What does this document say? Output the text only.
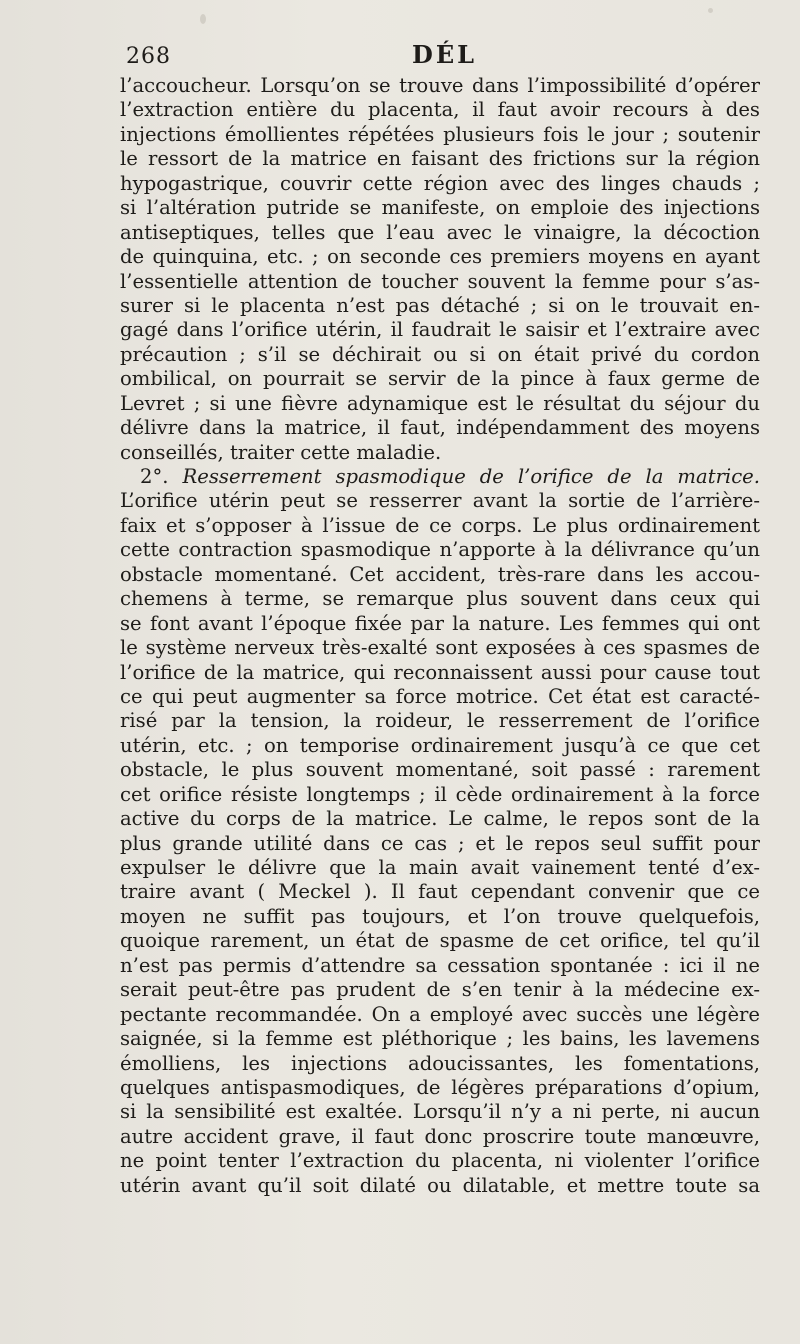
268	DÉL
l’accoucheur. Lorsqu’on se trouve dans l’impossibilité d’opérer
l’extraction entière du placenta, il faut avoir recours à des
injections émollientes répétées plusieurs fois le jour ; soutenir
le ressort de la matrice en faisant des frictions sur la région
hypogastrique, couvrir cette région avec des linges chauds ;
si l’altération putride se manifeste, on emploie des injections
antiseptiques, telles que l’eau avec le vinaigre, la décoction
de quinquina, etc. ; on seconde ces premiers moyens en ayant
l’essentielle attention de toucher souvent la femme pour s’as-
surer si le placenta n’est pas détaché ; si on le trouvait en-
gagé dans l’orifice utérin, il faudrait le saisir et l’extraire avec
précaution ; s’il se déchirait ou si on était privé du cordon
ombilical, on pourrait se servir de la pince à faux germe de
Levret ; si une fièvre adynamique est le résultat du séjour du
délivre dans la matrice, il faut, indépendamment des moyens
conseillés, traiter cette maladie.
2°. Resserrement spasmodique de l’orifice de la matrice.
L’orifice utérin peut se resserrer avant la sortie de l’arrière-
faix et s’opposer à l’issue de ce corps. Le plus ordinairement
cette contraction spasmodique n’apporte à la délivrance qu’un
obstacle momentané. Cet accident, très-rare dans les accou-
chemens à terme, se remarque plus souvent dans ceux qui
se font avant l’époque fixée par la nature. Les femmes qui ont
le système nerveux très-exalté sont exposées à ces spasmes de
l’orifice de la matrice, qui reconnaissent aussi pour cause tout
ce qui peut augmenter sa force motrice. Cet état est caracté-
risé par la tension, la roideur, le resserrement de l’orifice
utérin, etc. ; on temporise ordinairement jusqu’à ce que cet
obstacle, le plus souvent momentané, soit passé : rarement
cet orifice résiste longtemps ; il cède ordinairement à la force
active du corps de la matrice. Le calme, le repos sont de la
plus grande utilité dans ce cas ; et le repos seul suffit pour
expulser le délivre que la main avait vainement tenté d’ex-
traire avant ( Meckel ). Il faut cependant convenir que ce
moyen ne suffit pas toujours, et l’on trouve quelquefois,
quoique rarement, un état de spasme de cet orifice, tel qu’il
n’est pas permis d’attendre sa cessation spontanée : ici il ne
serait peut-être pas prudent de s’en tenir à la médecine ex-
pectante recommandée. On a employé avec succès une légère
saignée, si la femme est pléthorique ; les bains, les lavemens
émolliens, les injections adoucissantes, les fomentations,
quelques antispasmodiques, de légères préparations d’opium,
si la sensibilité est exaltée. Lorsqu’il n’y a ni perte, ni aucun
autre accident grave, il faut donc proscrire toute manœuvre,
ne point tenter l’extraction du placenta, ni violenter l’orifice
utérin avant qu’il soit dilaté ou dilatable, et mettre toute sa
